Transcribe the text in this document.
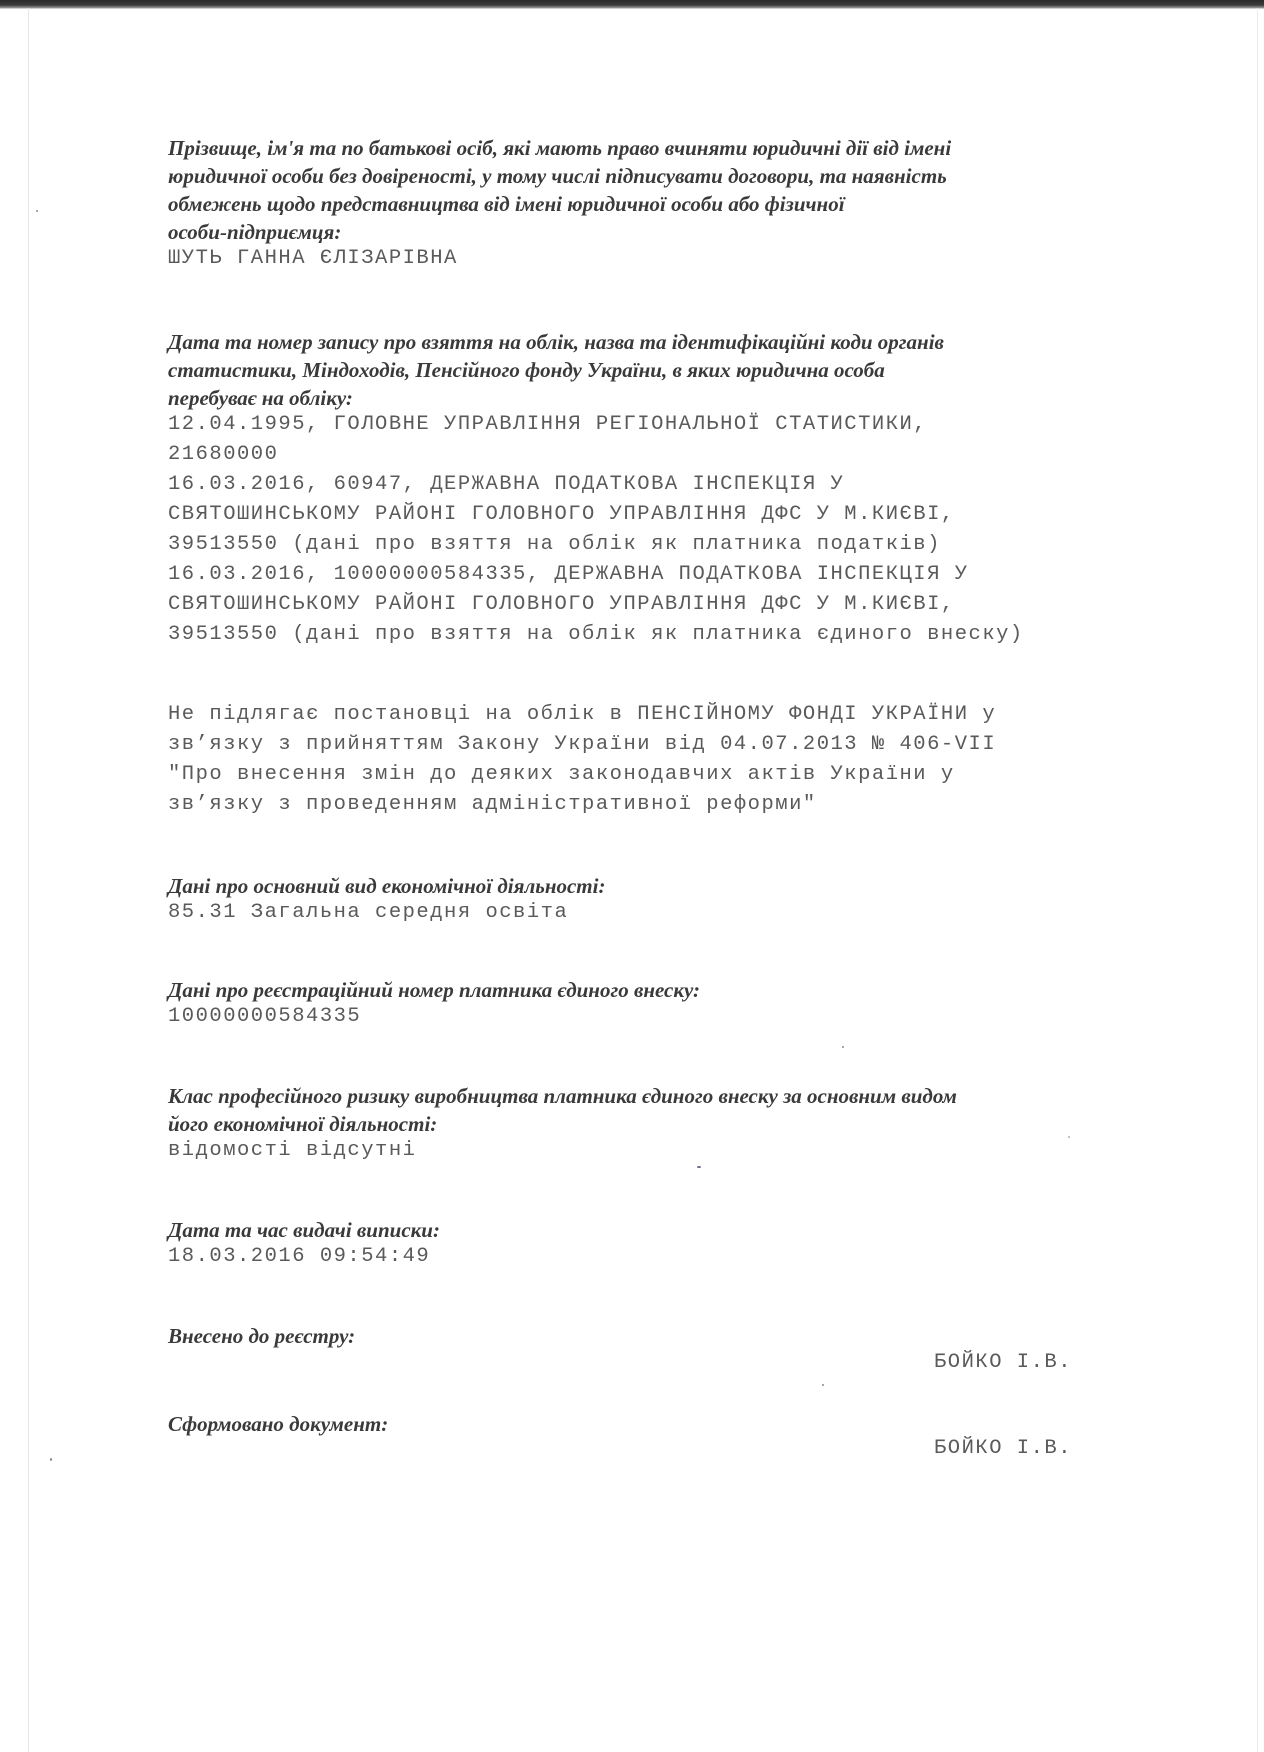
Прізвище, ім'я та по батькові осіб, які мають право вчиняти юридичні дії від імені
юридичної особи без довіреності, у тому числі підписувати договори, та наявність
обмежень щодо представництва від імені юридичної особи або фізичної
особи-підприємця:

ШУТЬ ГАННА ЄЛІЗАРІВНА

Дата та номер запису про взяття на облік, назва та ідентифікаційні коди органів
статистики, Міндоходів, Пенсійного фонду України, в яких юридична особа
перебуває на обліку:

12.04.1995, ГОЛОВНЕ УПРАВЛІННЯ РЕГІОНАЛЬНОЇ СТАТИСТИКИ,
21680000
16.03.2016, 60947, ДЕРЖАВНА ПОДАТКОВА ІНСПЕКЦІЯ У
СВЯТОШИНСЬКОМУ РАЙОНІ ГОЛОВНОГО УПРАВЛІННЯ ДФС У М.КИЄВІ,
39513550 (дані про взяття на облік як платника податків)
16.03.2016, 10000000584335, ДЕРЖАВНА ПОДАТКОВА ІНСПЕКЦІЯ У
СВЯТОШИНСЬКОМУ РАЙОНІ ГОЛОВНОГО УПРАВЛІННЯ ДФС У М.КИЄВІ,
39513550 (дані про взяття на облік як платника єдиного внеску)

Не підлягає постановці на облік в ПЕНСІЙНОМУ ФОНДІ УКРАЇНИ у
зв’язку з прийняттям Закону України від 04.07.2013 № 406-VII
"Про внесення змін до деяких законодавчих актів України у
зв’язку з проведенням адміністративної реформи"

Дані про основний вид економічної діяльності:

85.31 Загальна середня освіта

Дані про реєстраційний номер платника єдиного внеску:

10000000584335

Клас професійного ризику виробництва платника єдиного внеску за основним видом
його економічної діяльності:

відомості відсутні

Дата та час видачі виписки:

18.03.2016 09:54:49

Внесено до реєстру:

БОЙКО І.В.

Сформовано документ:

БОЙКО І.В.
